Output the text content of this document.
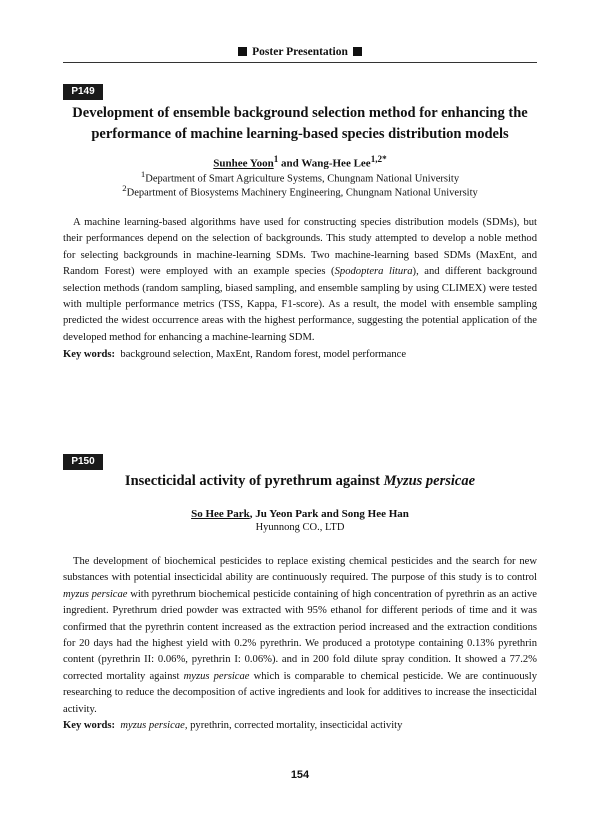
Poster Presentation
P149
Development of ensemble background selection method for enhancing the
performance of machine learning-based species distribution models
Sunhee Yoon$^1$ and Wang-Hee Lee$^{1,2*}$
$^1$Department of Smart Agriculture Systems, Chungnam National University
$^2$Department of Biosystems Machinery Engineering, Chungnam National University

A machine learning-based algorithms have used for constructing species distribution models (SDMs), but their performances depend on the selection of backgrounds. This study attempted to develop a noble method for selecting backgrounds in machine-learning SDMs. Two machine-learning based SDMs (MaxEnt, and Random Forest) were employed with an example species (Spodoptera litura), and different background selection methods (random sampling, biased sampling, and ensemble sampling by using CLIMEX) were tested with multiple performance metrics (TSS, Kappa, F1-score). As a result, the model with ensemble sampling predicted the widest occurrence areas with the highest performance, suggesting the potential application of the developed method for enhancing a machine-learning SDM.

Key words: background selection, MaxEnt, Random forest, model performance
P150
Insecticidal activity of pyrethrum against Myzus persicae
So Hee Park, Ju Yeon Park and Song Hee Han
Hyunnong CO., LTD

The development of biochemical pesticides to replace existing chemical pesticides and the search for new substances with potential insecticidal ability are continuously required. The purpose of this study is to control myzus persicae with pyrethrum biochemical pesticide containing of high concentration of pyrethrin as an active ingredient. Pyrethrum dried powder was extracted with 95% ethanol for different periods of time and it was confirmed that the pyrethrin content increased as the extraction period increased and the extraction conditions for 20 days had the highest yield with 0.2% pyrethrin. We produced a prototype containing 0.13% pyrethrin content (pyrethrin II: 0.06%, pyrethrin I: 0.06%). and in 200 fold dilute spray condition. It showed a 77.2% corrected mortality against myzus persicae which is comparable to chemical pesticide. We are continuously researching to reduce the decomposition of active ingredients and look for additives to increase the insecticidal activity.

Key words: myzus persicae, pyrethrin, corrected mortality, insecticidal activity
154
